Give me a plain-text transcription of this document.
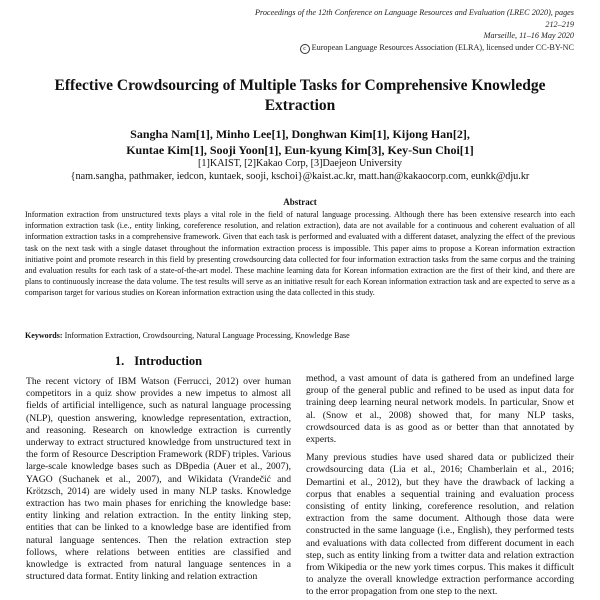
Proceedings of the 12th Conference on Language Resources and Evaluation (LREC 2020), pages 212–219
Marseille, 11–16 May 2020
c European Language Resources Association (ELRA), licensed under CC-BY-NC
Effective Crowdsourcing of Multiple Tasks for Comprehensive Knowledge Extraction
Sangha Nam[1], Minho Lee[1], Donghwan Kim[1], Kijong Han[2],
Kuntae Kim[1], Sooji Yoon[1], Eun-kyung Kim[3], Key-Sun Choi[1]
[1]KAIST, [2]Kakao Corp, [3]Daejeon University
{nam.sangha, pathmaker, iedcon, kuntaek, sooji, kschoi}@kaist.ac.kr, matt.han@kakaocorp.com, eunkk@dju.kr
Abstract
Information extraction from unstructured texts plays a vital role in the field of natural language processing. Although there has been extensive research into each information extraction task (i.e., entity linking, coreference resolution, and relation extraction), data are not available for a continuous and coherent evaluation of all information extraction tasks in a comprehensive framework. Given that each task is performed and evaluated with a different dataset, analyzing the effect of the previous task on the next task with a single dataset throughout the information extraction process is impossible. This paper aims to propose a Korean information extraction initiative point and promote research in this field by presenting crowdsourcing data collected for four information extraction tasks from the same corpus and the training and evaluation results for each task of a state-of-the-art model. These machine learning data for Korean information extraction are the first of their kind, and there are plans to continuously increase the data volume. The test results will serve as an initiative result for each Korean information extraction task and are expected to serve as a comparison target for various studies on Korean information extraction using the data collected in this study.
Keywords: Information Extraction, Crowdsourcing, Natural Language Processing, Knowledge Base
1. Introduction

The recent victory of IBM Watson (Ferrucci, 2012) over human competitors in a quiz show provides a new impetus to almost all fields of artificial intelligence, such as natural language processing (NLP), question answering, knowledge representation, extraction, and reasoning. Research on knowledge extraction is currently underway to extract structured knowledge from unstructured text in the form of Resource Description Framework (RDF) triples. Various large-scale knowledge bases such as DBpedia (Auer et al., 2007), YAGO (Suchanek et al., 2007), and Wikidata (Vrandečić and Krötzsch, 2014) are widely used in many NLP tasks. Knowledge extraction has two main phases for enriching the knowledge base: entity linking and relation extraction. In the entity linking step, entities that can be linked to a knowledge base are identified from natural language sentences. Then the relation extraction step follows, where relations between entities are classified and knowledge is extracted from natural language sentences in a structured data format. Entity linking and relation extraction

method, a vast amount of data is gathered from an undefined large group of the general public and refined to be used as input data for training deep learning neural network models. In particular, Snow et al. (Snow et al., 2008) showed that, for many NLP tasks, crowdsourced data is as good as or better than that annotated by experts.

Many previous studies have used shared data or publicized their crowdsourcing data (Lia et al., 2016; Chamberlain et al., 2016; Demartini et al., 2012), but they have the drawback of lacking a corpus that enables a sequential training and evaluation process consisting of entity linking, coreference resolution, and relation extraction from the same document. Although those data were constructed in the same language (i.e., English), they performed tests and evaluations with data collected from different document in each step, such as entity linking from a twitter data and relation extraction from Wikipedia or the new york times corpus. This makes it difficult to analyze the overall knowledge extraction performance according to the error propagation from one step to the next.
